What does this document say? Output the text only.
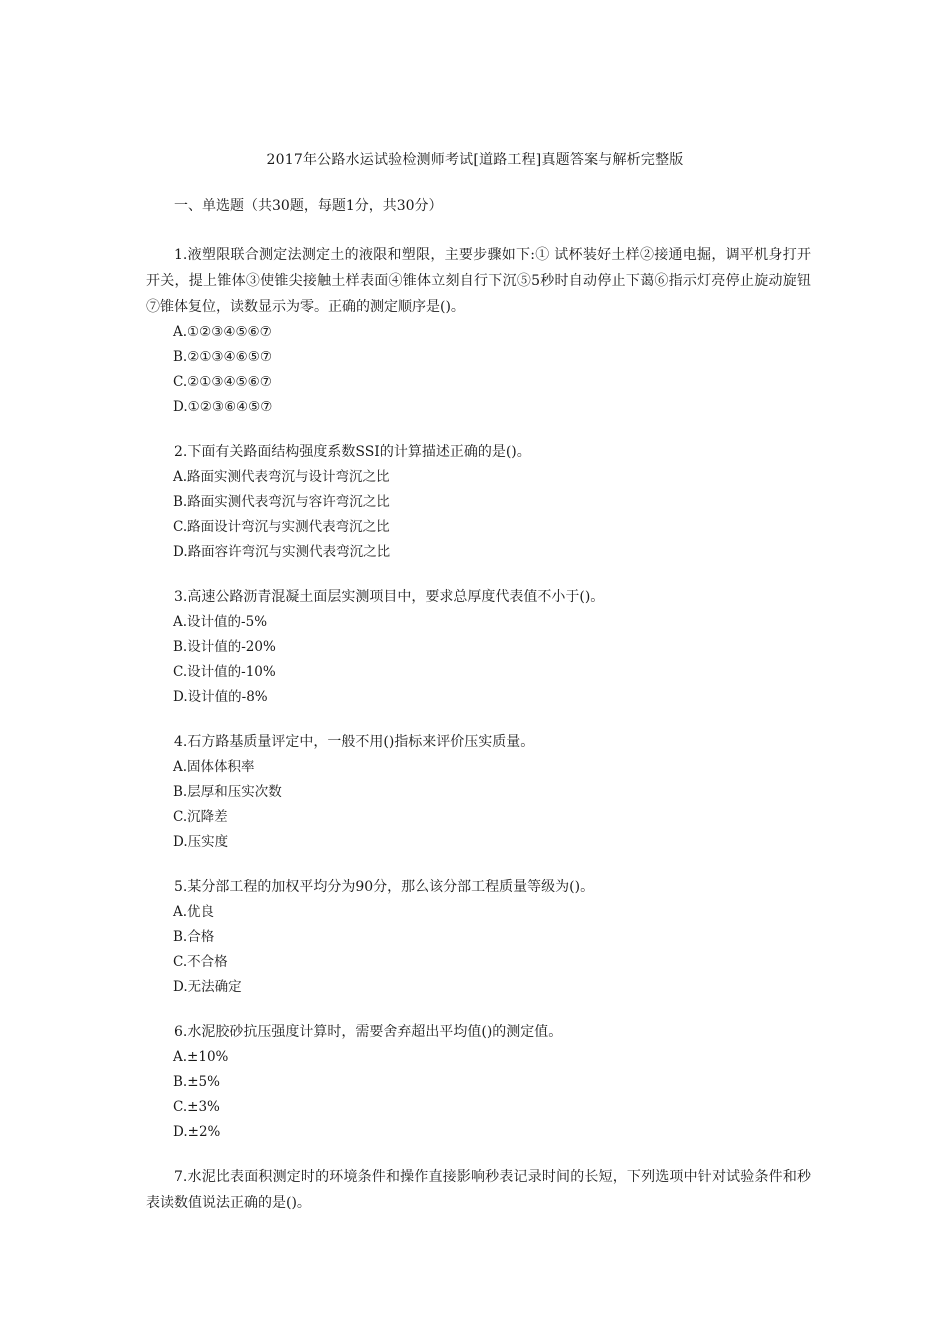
2017年公路水运试验检测师考试[道路工程]真题答案与解析完整版
一、单选题（共30题，每题1分，共30分）

1.液塑限联合测定法测定土的液限和塑限，主要步骤如下:① 试杯装好土样②接通电掘，调平机身打开开关，提上锥体③使锥尖接触土样表面④锥体立刻自行下沉⑤5秒时自动停止下蔼⑥指示灯亮停止旋动旋钮⑦锥体复位，读数显示为零。正确的测定顺序是()。

A.①②③④⑤⑥⑦

B.②①③④⑥⑤⑦

C.②①③④⑤⑥⑦

D.①②③⑥④⑤⑦

2.下面有关路面结构强度系数SSI的计算描述正确的是()。

A.路面实测代表弯沉与设计弯沉之比

B.路面实测代表弯沉与容许弯沉之比

C.路面设计弯沉与实测代表弯沉之比

D.路面容许弯沉与实测代表弯沉之比

3.高速公路沥青混凝土面层实测项目中，要求总厚度代表值不小于()。

A.设计值的-5%

B.设计值的-20%

C.设计值的-10%

D.设计值的-8%

4.石方路基质量评定中，一般不用()指标来评价压实质量。

A.固体体积率

B.层厚和压实次数

C.沉降差

D.压实度

5.某分部工程的加权平均分为90分，那么该分部工程质量等级为()。

A.优良

B.合格

C.不合格

D.无法确定

6.水泥胶砂抗压强度计算时，需要舍弃超出平均值()的测定值。

A.±10%

B.±5%

C.±3%

D.±2%

7.水泥比表面积测定时的环境条件和操作直接影响秒表记录时间的长短，下列选项中针对试验条件和秒表读数值说法正确的是()。
